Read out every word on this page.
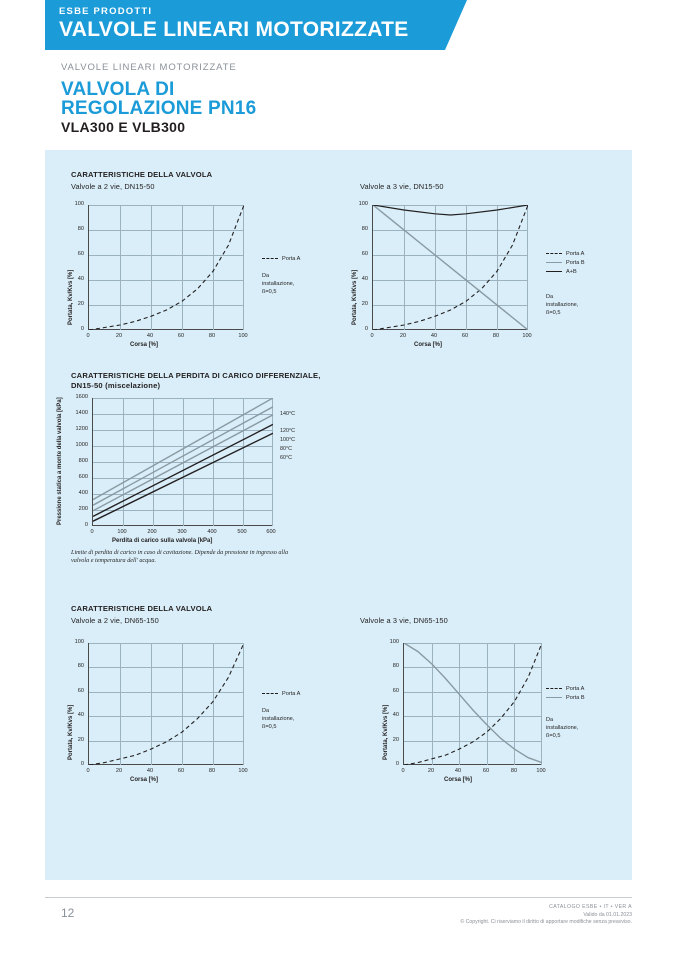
ESBE PRODOTTI
VALVOLE LINEARI MOTORIZZATE
VALVOLE LINEARI MOTORIZZATE
VALVOLA DI
REGOLAZIONE PN16
VLA300 E VLB300
CARATTERISTICHE DELLA VALVOLA
Valvole a 2 vie, DN15-50	Valvole a 3 vie, DN15-50
Portata, Kv/Kvs [%]
100
80
60
40
20
0
0	20	40	60	80	100
Corsa [%]
Porta A
Da installazione,
ß=0,5	Portata, Kv/Kvs [%]
100
80
60
40
20
0
0	20	40	60	80	100
Corsa [%]
Porta A
Porta B
A+B
Da installazione,
ß=0,5
CARATTERISTICHE DELLA PERDITA DI CARICO DIFFERENZIALE,
DN15-50 (miscelazione)
Pressione statica a monte della valvola [kPa]
1600
1400
1200
1000
800
600
400
200
0
0	100	200	300	400	500	600
Perdita di carico sulla valvola [kPa]
140°C
120°C
100°C
80°C
60°C
Limite di perdita di carico in caso di cavitazione. Dipende da pressione in ingresso alla
valvola e temperatura dell' acqua.
CARATTERISTICHE DELLA VALVOLA
Valvole a 2 vie, DN65-150	Valvole a 3 vie, DN65-150
Portata, Kv/Kvs [%]
100
80
60
40
20
0
0	20	40	60	80	100
Corsa [%]
Porta A
Da installazione,
ß=0,5	Portata, Kv/Kvs [%]
100
80
60
40
20
0
0	20	40	60	80	100
Corsa [%]
Porta A
Porta B
Da installazione,
ß=0,5
12	CATALOGO ESBE • IT • VER A
Valido da 01.01.2023
© Copyright. Ci riserviamo il diritto di apportare modifiche senza preavviso.
